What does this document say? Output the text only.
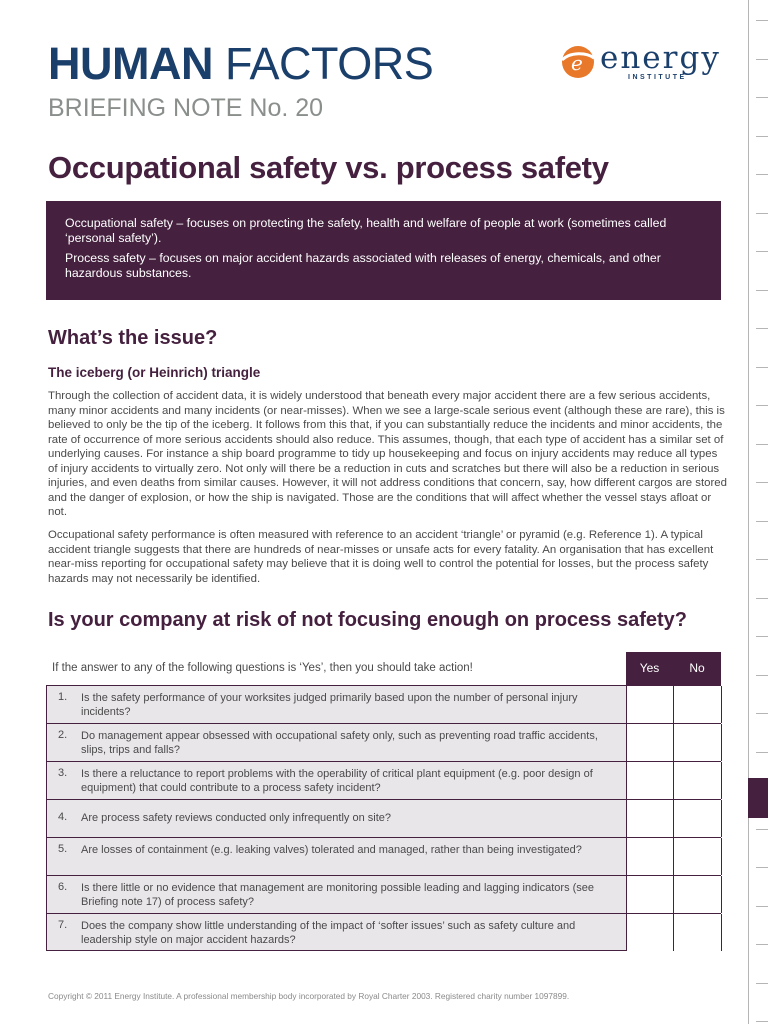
HUMAN FACTORS
BRIEFING NOTE No. 20
e energy
INSTITUTE
Occupational safety vs. process safety

Occupational safety – focuses on protecting the safety, health and welfare of people at work (sometimes called ‘personal safety’).

Process safety – focuses on major accident hazards associated with releases of energy, chemicals, and other hazardous substances.

What’s the issue?
The iceberg (or Heinrich) triangle

Through the collection of accident data, it is widely understood that beneath every major accident there are a few serious accidents, many minor accidents and many incidents (or near-misses). When we see a large-scale serious event (although these are rare), this is believed to only be the tip of the iceberg. It follows from this that, if you can substantially reduce the incidents and minor accidents, the rate of occurrence of more serious accidents should also reduce. This assumes, though, that each type of accident has a similar set of underlying causes. For instance a ship board programme to tidy up housekeeping and focus on injury accidents may reduce all types of injury accidents to virtually zero. Not only will there be a reduction in cuts and scratches but there will also be a reduction in serious injuries, and even deaths from similar causes. However, it will not address conditions that concern, say, how different cargos are stored and the danger of explosion, or how the ship is navigated. Those are the conditions that will affect whether the vessel stays afloat or not.

Occupational safety performance is often measured with reference to an accident ‘triangle’ or pyramid (e.g. Reference 1). A typical accident triangle suggests that there are hundreds of near-misses or unsafe acts for every fatality. An organisation that has excellent near-miss reporting for occupational safety may believe that it is doing well to control the potential for losses, but the process safety hazards may not necessarily be identified.

Is your company at risk of not focusing enough on process safety?
If the answer to any of the following questions is ‘Yes’, then you should take action!	Yes	No
1. Is the safety performance of your worksites judged primarily based upon the number of personal injury incidents?
2. Do management appear obsessed with occupational safety only, such as preventing road traffic accidents, slips, trips and falls?
3. Is there a reluctance to report problems with the operability of critical plant equipment (e.g. poor design of equipment) that could contribute to a process safety incident?
4. Are process safety reviews conducted only infrequently on site?
5. Are losses of containment (e.g. leaking valves) tolerated and managed, rather than being investigated?
6. Is there little or no evidence that management are monitoring possible leading and lagging indicators (see Briefing note 17) of process safety?
7. Does the company show little understanding of the impact of ‘softer issues’ such as safety culture and leadership style on major accident hazards?
Copyright © 2011 Energy Institute. A professional membership body incorporated by Royal Charter 2003. Registered charity number 1097899.
